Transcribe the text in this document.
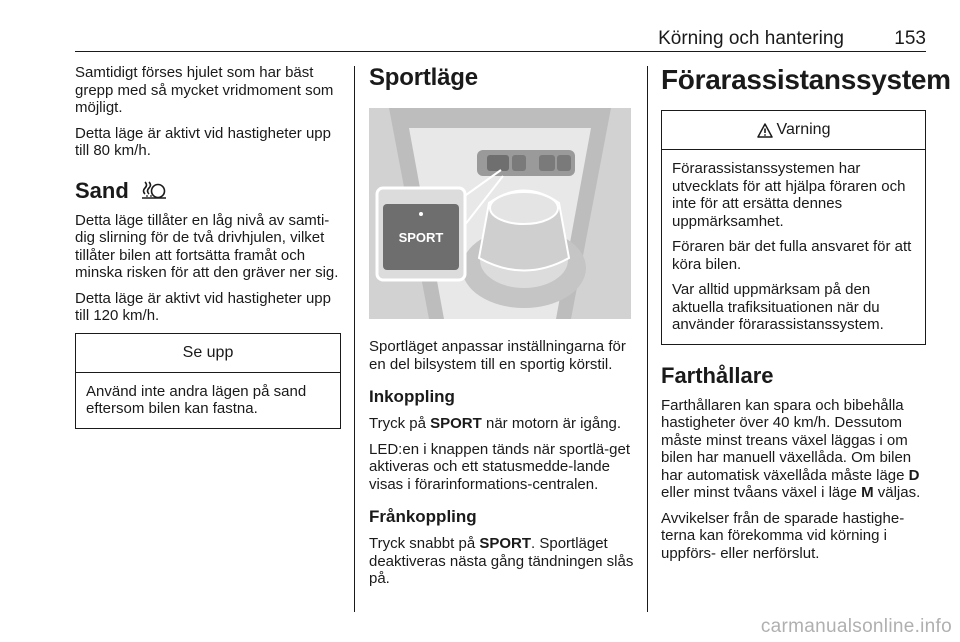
Körning och hantering	153

Samtidigt förses hjulet som har bäst grepp med så mycket vridmoment som möjligt.

Detta läge är aktivt vid hastigheter upp till 80 km/h.

Sand

Detta läge tillåter en låg nivå av samti-dig slirning för de två drivhjulen, vilket tillåter bilen att fortsätta framåt och minska risken för att den gräver ner sig.

Detta läge är aktivt vid hastigheter upp till 120 km/h.

Se upp

Använd inte andra lägen på sand eftersom bilen kan fastna.

Sportläge
SPORT

Sportläget anpassar inställningarna för en del bilsystem till en sportig körstil.

Inkoppling

Tryck på SPORT när motorn är igång.

LED:en i knappen tänds när sportlä-get aktiveras och ett statusmedde-lande visas i förarinformations-centralen.

Frånkoppling

Tryck snabbt på SPORT. Sportläget deaktiveras nästa gång tändningen slås på.

Förarassistanssystem
Varning

Förarassistanssystemen har utvecklats för att hjälpa föraren och inte för att ersätta dennes uppmärksamhet.

Föraren bär det fulla ansvaret för att köra bilen.

Var alltid uppmärksam på den aktuella trafiksituationen när du använder förarassistanssystem.

Farthållare

Farthållaren kan spara och bibehålla hastigheter över 40 km/h. Dessutom måste minst treans växel läggas i om bilen har manuell växellåda. Om bilen har automatisk växellåda måste läge D eller minst tvåans växel i läge M väljas.

Avvikelser från de sparade hastighe-terna kan förekomma vid körning i uppförs- eller nerförslut.

carmanualsonline.info
